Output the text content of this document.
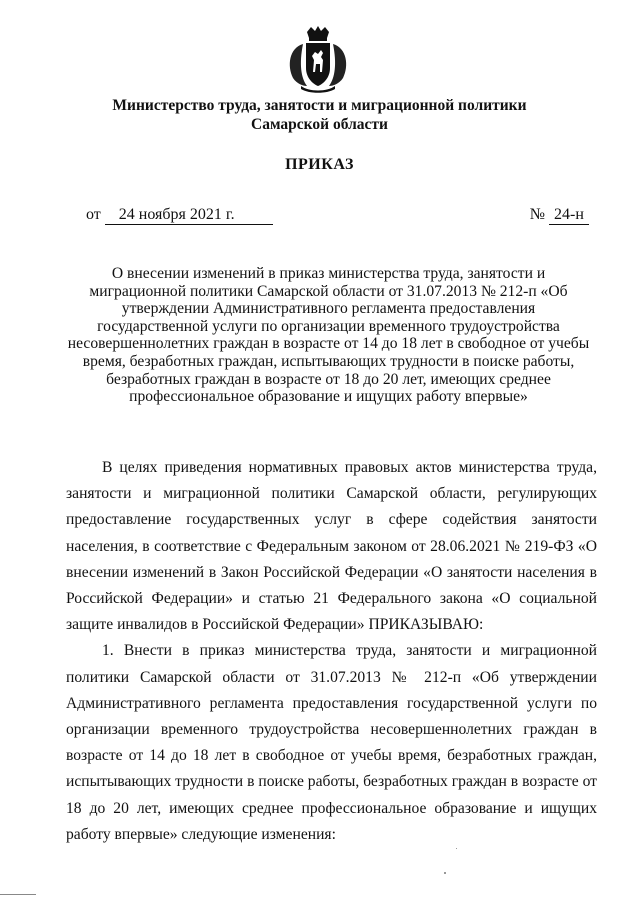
Министерство труда, занятости и миграционной политики
Самарской области
ПРИКАЗ
от 24 ноября 2021 г.	№ 24-н
О внесении изменений в приказ министерства труда, занятости и миграционной политики Самарской области от 31.07.2013 № 212-п «Об утверждении Административного регламента предоставления государственной услуги по организации временного трудоустройства несовершеннолетних граждан в возрасте от 14 до 18 лет в свободное от учебы время, безработных граждан, испытывающих трудности в поиске работы, безработных граждан в возрасте от 18 до 20 лет, имеющих среднее профессиональное образование и ищущих работу впервые»

В целях приведения нормативных правовых актов министерства труда, занятости и миграционной политики Самарской области, регулирующих предоставление государственных услуг в сфере содействия занятости населения, в соответствие с Федеральным законом от 28.06.2021 № 219-ФЗ «О внесении изменений в Закон Российской Федерации «О занятости населения в Российской Федерации» и статью 21 Федерального закона «О социальной защите инвалидов в Российской Федерации» ПРИКАЗЫВАЮ:

1. Внести в приказ министерства труда, занятости и миграционной политики Самарской области от 31.07.2013 № 212-п «Об утверждении Административного регламента предоставления государственной услуги по организации временного трудоустройства несовершеннолетних граждан в возрасте от 14 до 18 лет в свободное от учебы время, безработных граждан, испытывающих трудности в поиске работы, безработных граждан в возрасте от 18 до 20 лет, имеющих среднее профессиональное образование и ищущих работу впервые» следующие изменения:
